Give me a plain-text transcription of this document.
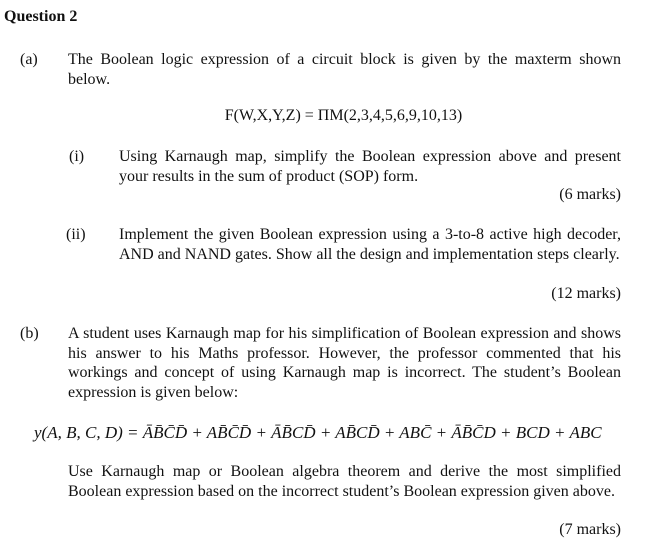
Question 2
(a) The Boolean logic expression of a circuit block is given by the maxterm shown below.
F(W,X,Y,Z) = ΠM(2,3,4,5,6,9,10,13)
(i) Using Karnaugh map, simplify the Boolean expression above and present your results in the sum of product (SOP) form.
(6 marks)
(ii) Implement the given Boolean expression using a 3-to-8 active high decoder, AND and NAND gates. Show all the design and implementation steps clearly.
(12 marks)
(b) A student uses Karnaugh map for his simplification of Boolean expression and shows his answer to his Maths professor. However, the professor commented that his workings and concept of using Karnaugh map is incorrect. The student’s Boolean expression is given below:
y(A, B, C, D) = ĀB̄C̄D̄ + AB̄C̄D̄ + ĀB̄CD̄ + AB̄CD̄ + ABC̄ + ĀB̄C̄D + BCD + ABC
Use Karnaugh map or Boolean algebra theorem and derive the most simplified Boolean expression based on the incorrect student’s Boolean expression given above.
(7 marks)
